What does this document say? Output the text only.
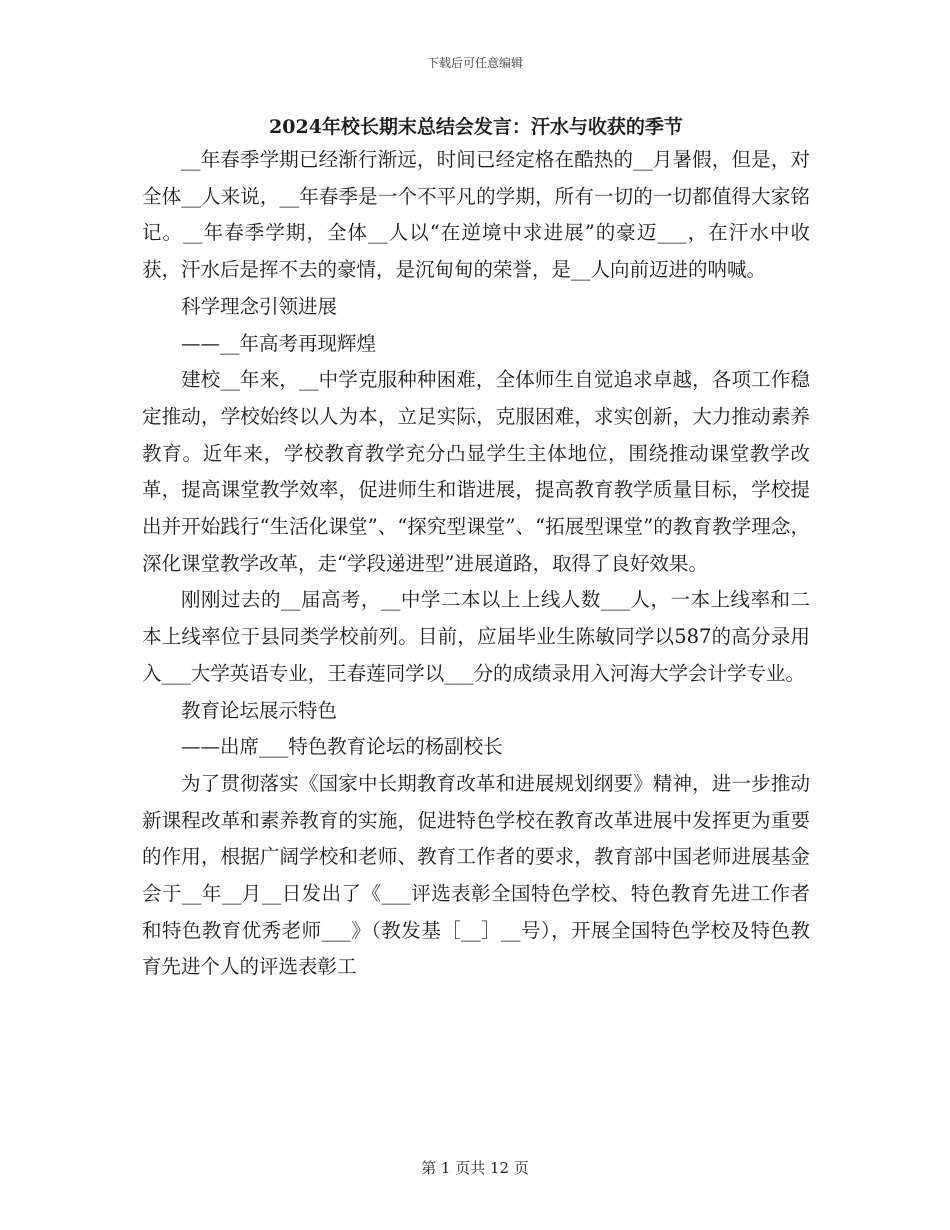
下载后可任意编辑
2024年校长期末总结会发言：汗水与收获的季节

__年春季学期已经渐行渐远，时间已经定格在酷热的__月暑假，但是，对全体__人来说，__年春季是一个不平凡的学期，所有一切的一切都值得大家铭记。__年春季学期，全体__人以“在逆境中求进展”的豪迈___，在汗水中收获，汗水后是挥不去的豪情，是沉甸甸的荣誉，是__人向前迈进的呐喊。

科学理念引领进展

——__年高考再现辉煌

建校__年来，__中学克服种种困难，全体师生自觉追求卓越，各项工作稳定推动，学校始终以人为本，立足实际，克服困难，求实创新，大力推动素养教育。近年来，学校教育教学充分凸显学生主体地位，围绕推动课堂教学改革，提高课堂教学效率，促进师生和谐进展，提高教育教学质量目标，学校提出并开始践行“生活化课堂”、“探究型课堂”、“拓展型课堂”的教育教学理念，深化课堂教学改革，走“学段递进型”进展道路，取得了良好效果。

刚刚过去的__届高考，__中学二本以上上线人数___人，一本上线率和二本上线率位于县同类学校前列。目前，应届毕业生陈敏同学以587的高分录用入___大学英语专业，王春莲同学以___分的成绩录用入河海大学会计学专业。

教育论坛展示特色

——出席___特色教育论坛的杨副校长

为了贯彻落实《国家中长期教育改革和进展规划纲要》精神，进一步推动新课程改革和素养教育的实施，促进特色学校在教育改革进展中发挥更为重要的作用，根据广阔学校和老师、教育工作者的要求，教育部中国老师进展基金会于__年__月__日发出了《___评选表彰全国特色学校、特色教育先进工作者和特色教育优秀老师___》（教发基［__］__号），开展全国特色学校及特色教育先进个人的评选表彰工

第 1 页共 12 页
